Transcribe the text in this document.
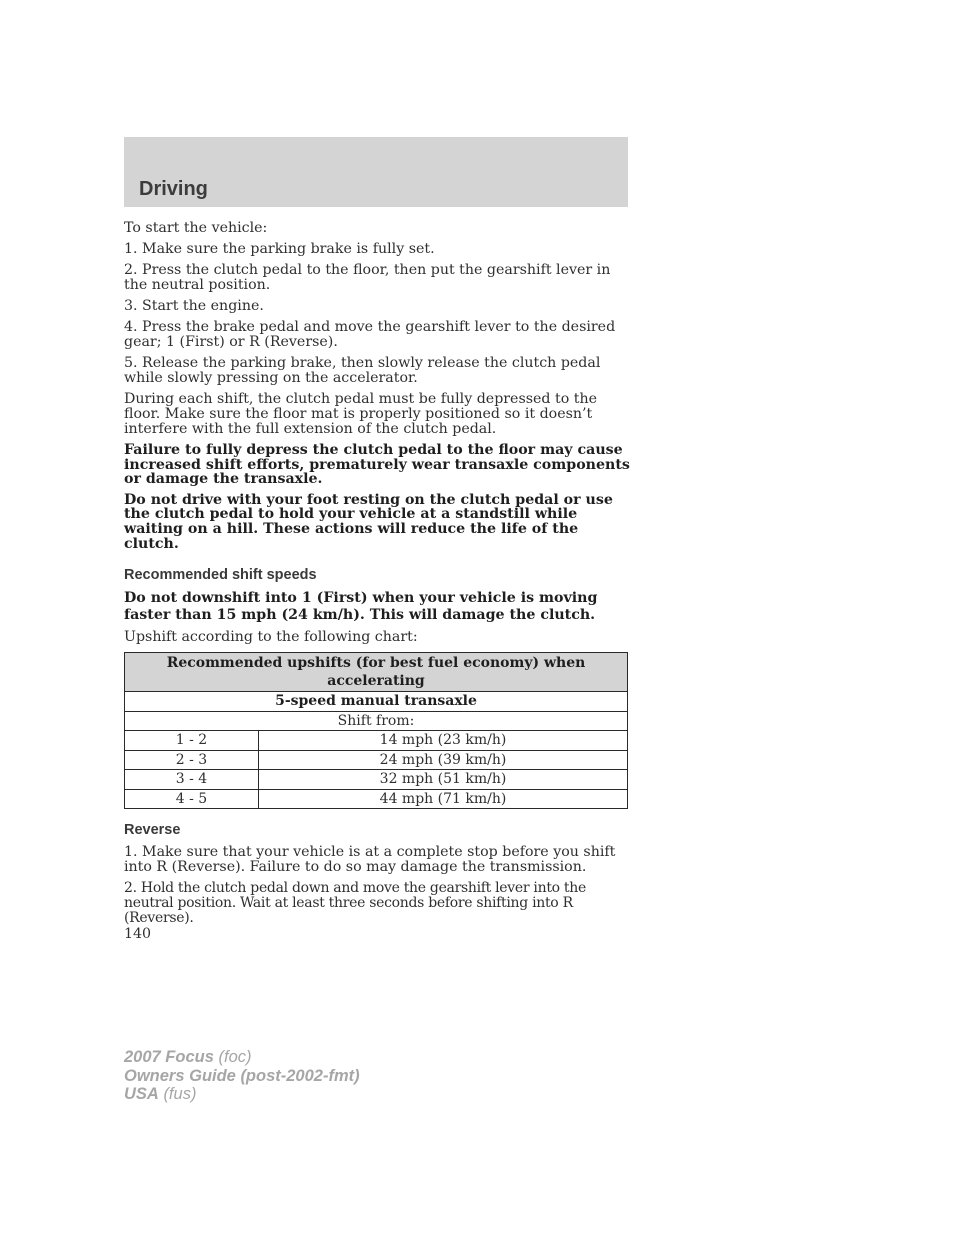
Driving

To start the vehicle:

1. Make sure the parking brake is fully set.

2. Press the clutch pedal to the floor, then put the gearshift lever in the neutral position.

3. Start the engine.

4. Press the brake pedal and move the gearshift lever to the desired gear; 1 (First) or R (Reverse).

5. Release the parking brake, then slowly release the clutch pedal while slowly pressing on the accelerator.

During each shift, the clutch pedal must be fully depressed to the floor. Make sure the floor mat is properly positioned so it doesn’t interfere with the full extension of the clutch pedal.

Failure to fully depress the clutch pedal to the floor may cause increased shift efforts, prematurely wear transaxle components or damage the transaxle.

Do not drive with your foot resting on the clutch pedal or use the clutch pedal to hold your vehicle at a standstill while waiting on a hill. These actions will reduce the life of the clutch.

Recommended shift speeds

Do not downshift into 1 (First) when your vehicle is moving faster than 15 mph (24 km/h). This will damage the clutch.

Upshift according to the following chart:

Recommended upshifts (for best fuel economy) when accelerating	
5-speed manual transaxle	
Shift from:	
1 - 2	14 mph (23 km/h)
2 - 3	24 mph (39 km/h)
3 - 4	32 mph (51 km/h)
4 - 5	44 mph (71 km/h)
Reverse

1. Make sure that your vehicle is at a complete stop before you shift into R (Reverse). Failure to do so may damage the transmission.

2. Hold the clutch pedal down and move the gearshift lever into the neutral position. Wait at least three seconds before shifting into R (Reverse).

140
2007 Focus (foc)
Owners Guide (post-2002-fmt)
USA (fus)
